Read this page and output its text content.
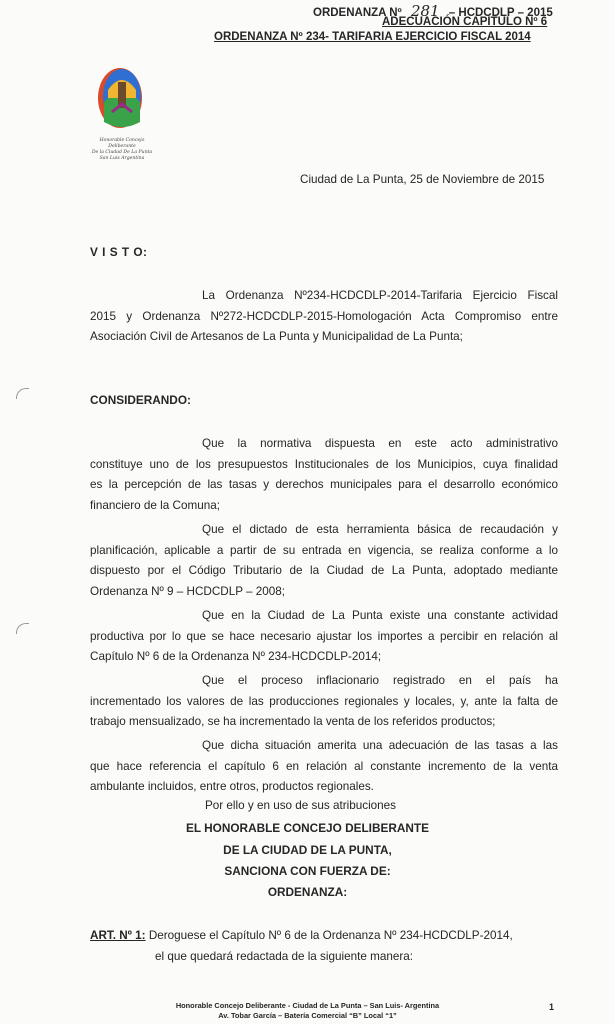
ORDENANZA Nº 281 – HCDCDLP – 2015
ADECUACIÓN CAPÍTULO Nº 6
ORDENANZA Nº 234- TARIFARIA EJERCICIO FISCAL 2014
Honorable Concejo Deliberante
De la Ciudad De La Punta
San Luis Argentina
Ciudad de La Punta, 25 de Noviembre de 2015
V I S T O:
La Ordenanza Nº234-HCDCDLP-2014-Tarifaria Ejercicio Fiscal
2015 y Ordenanza Nº272-HCDCDLP-2015-Homologación Acta Compromiso entre
Asociación Civil de Artesanos de La Punta y Municipalidad de La Punta;
CONSIDERANDO:
Que la normativa dispuesta en este acto administrativo
constituye uno de los presupuestos Institucionales de los Municipios, cuya finalidad
es la percepción de las tasas y derechos municipales para el desarrollo económico
financiero de la Comuna;
Que el dictado de esta herramienta básica de recaudación y
planificación, aplicable a partir de su entrada en vigencia, se realiza conforme a lo
dispuesto por el Código Tributario de la Ciudad de La Punta, adoptado mediante
Ordenanza Nº 9 – HCDCDLP – 2008;
Que en la Ciudad de La Punta existe una constante actividad
productiva por lo que se hace necesario ajustar los importes a percibir en relación al
Capítulo Nº 6 de la Ordenanza Nº 234-HCDCDLP-2014;
Que el proceso inflacionario registrado en el país ha
incrementado los valores de las producciones regionales y locales, y, ante la falta de
trabajo mensualizado, se ha incrementado la venta de los referidos productos;
Que dicha situación amerita una adecuación de las tasas a las
que hace referencia el capítulo 6 en relación al constante incremento de la venta
ambulante incluidos, entre otros, productos regionales.
Por ello y en uso de sus atribuciones
EL HONORABLE CONCEJO DELIBERANTE
DE LA CIUDAD DE LA PUNTA,
SANCIONA CON FUERZA DE:
ORDENANZA:
ART. Nº 1: Deroguese el Capítulo Nº 6 de la Ordenanza Nº 234-HCDCDLP-2014,
el que quedará redactada de la siguiente manera:
Honorable Concejo Deliberante - Ciudad de La Punta – San Luis- Argentina
Av. Tobar García – Batería Comercial “B” Local “1”
1
